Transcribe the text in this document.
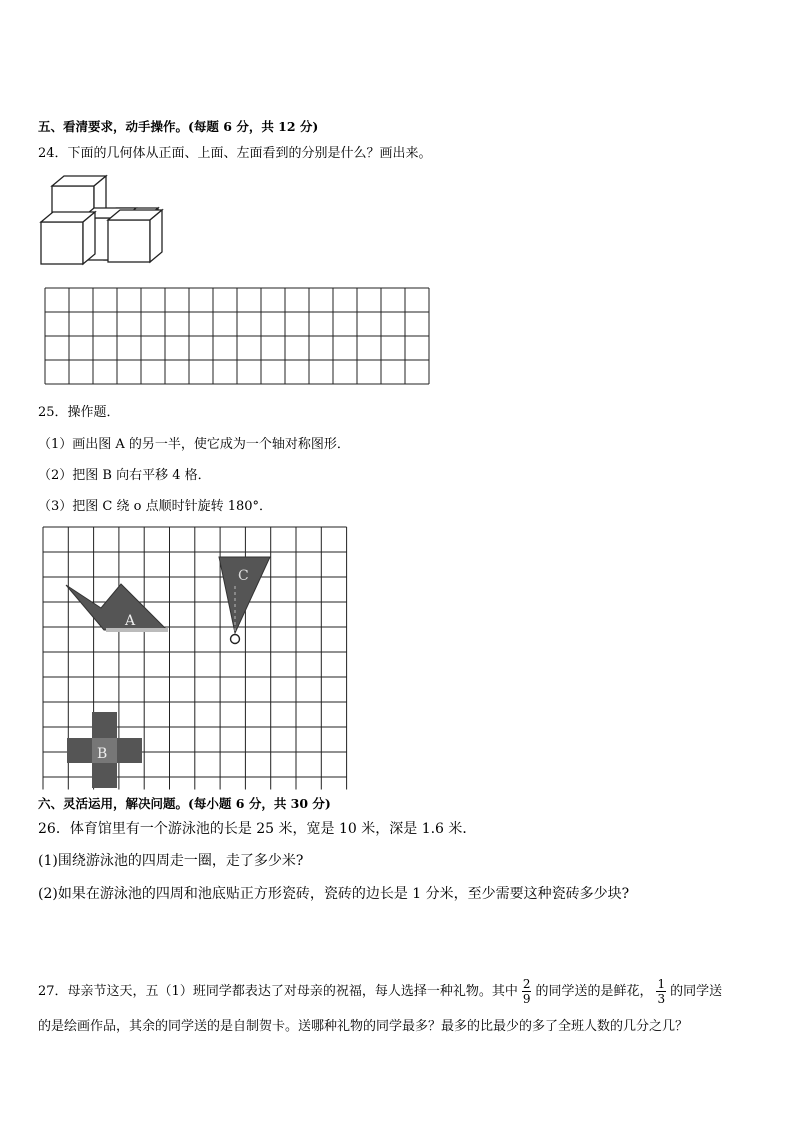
五、看清要求，动手操作。(每题 6 分，共 12 分)
24．下面的几何体从正面、上面、左面看到的分别是什么？画出来。
25．操作题．
（1）画出图 A 的另一半，使它成为一个轴对称图形．
（2）把图 B 向右平移 4 格．
（3）把图 C 绕 o 点顺时针旋转 180°．
A
C
B
六、灵活运用，解决问题。(每小题 6 分，共 30 分)
26．体育馆里有一个游泳池的长是 25 米，宽是 10 米，深是 1.6 米．
(1)围绕游泳池的四周走一圈，走了多少米?
(2)如果在游泳池的四周和池底贴正方形瓷砖，瓷砖的边长是 1 分米，至少需要这种瓷砖多少块?
27．母亲节这天，五（1）班同学都表达了对母亲的祝福，每人选择一种礼物。其中 $\frac{2}{9}$ 的同学送的是鲜花， $\frac{1}{3}$ 的同学送
的是绘画作品，其余的同学送的是自制贺卡。送哪种礼物的同学最多？最多的比最少的多了全班人数的几分之几？
